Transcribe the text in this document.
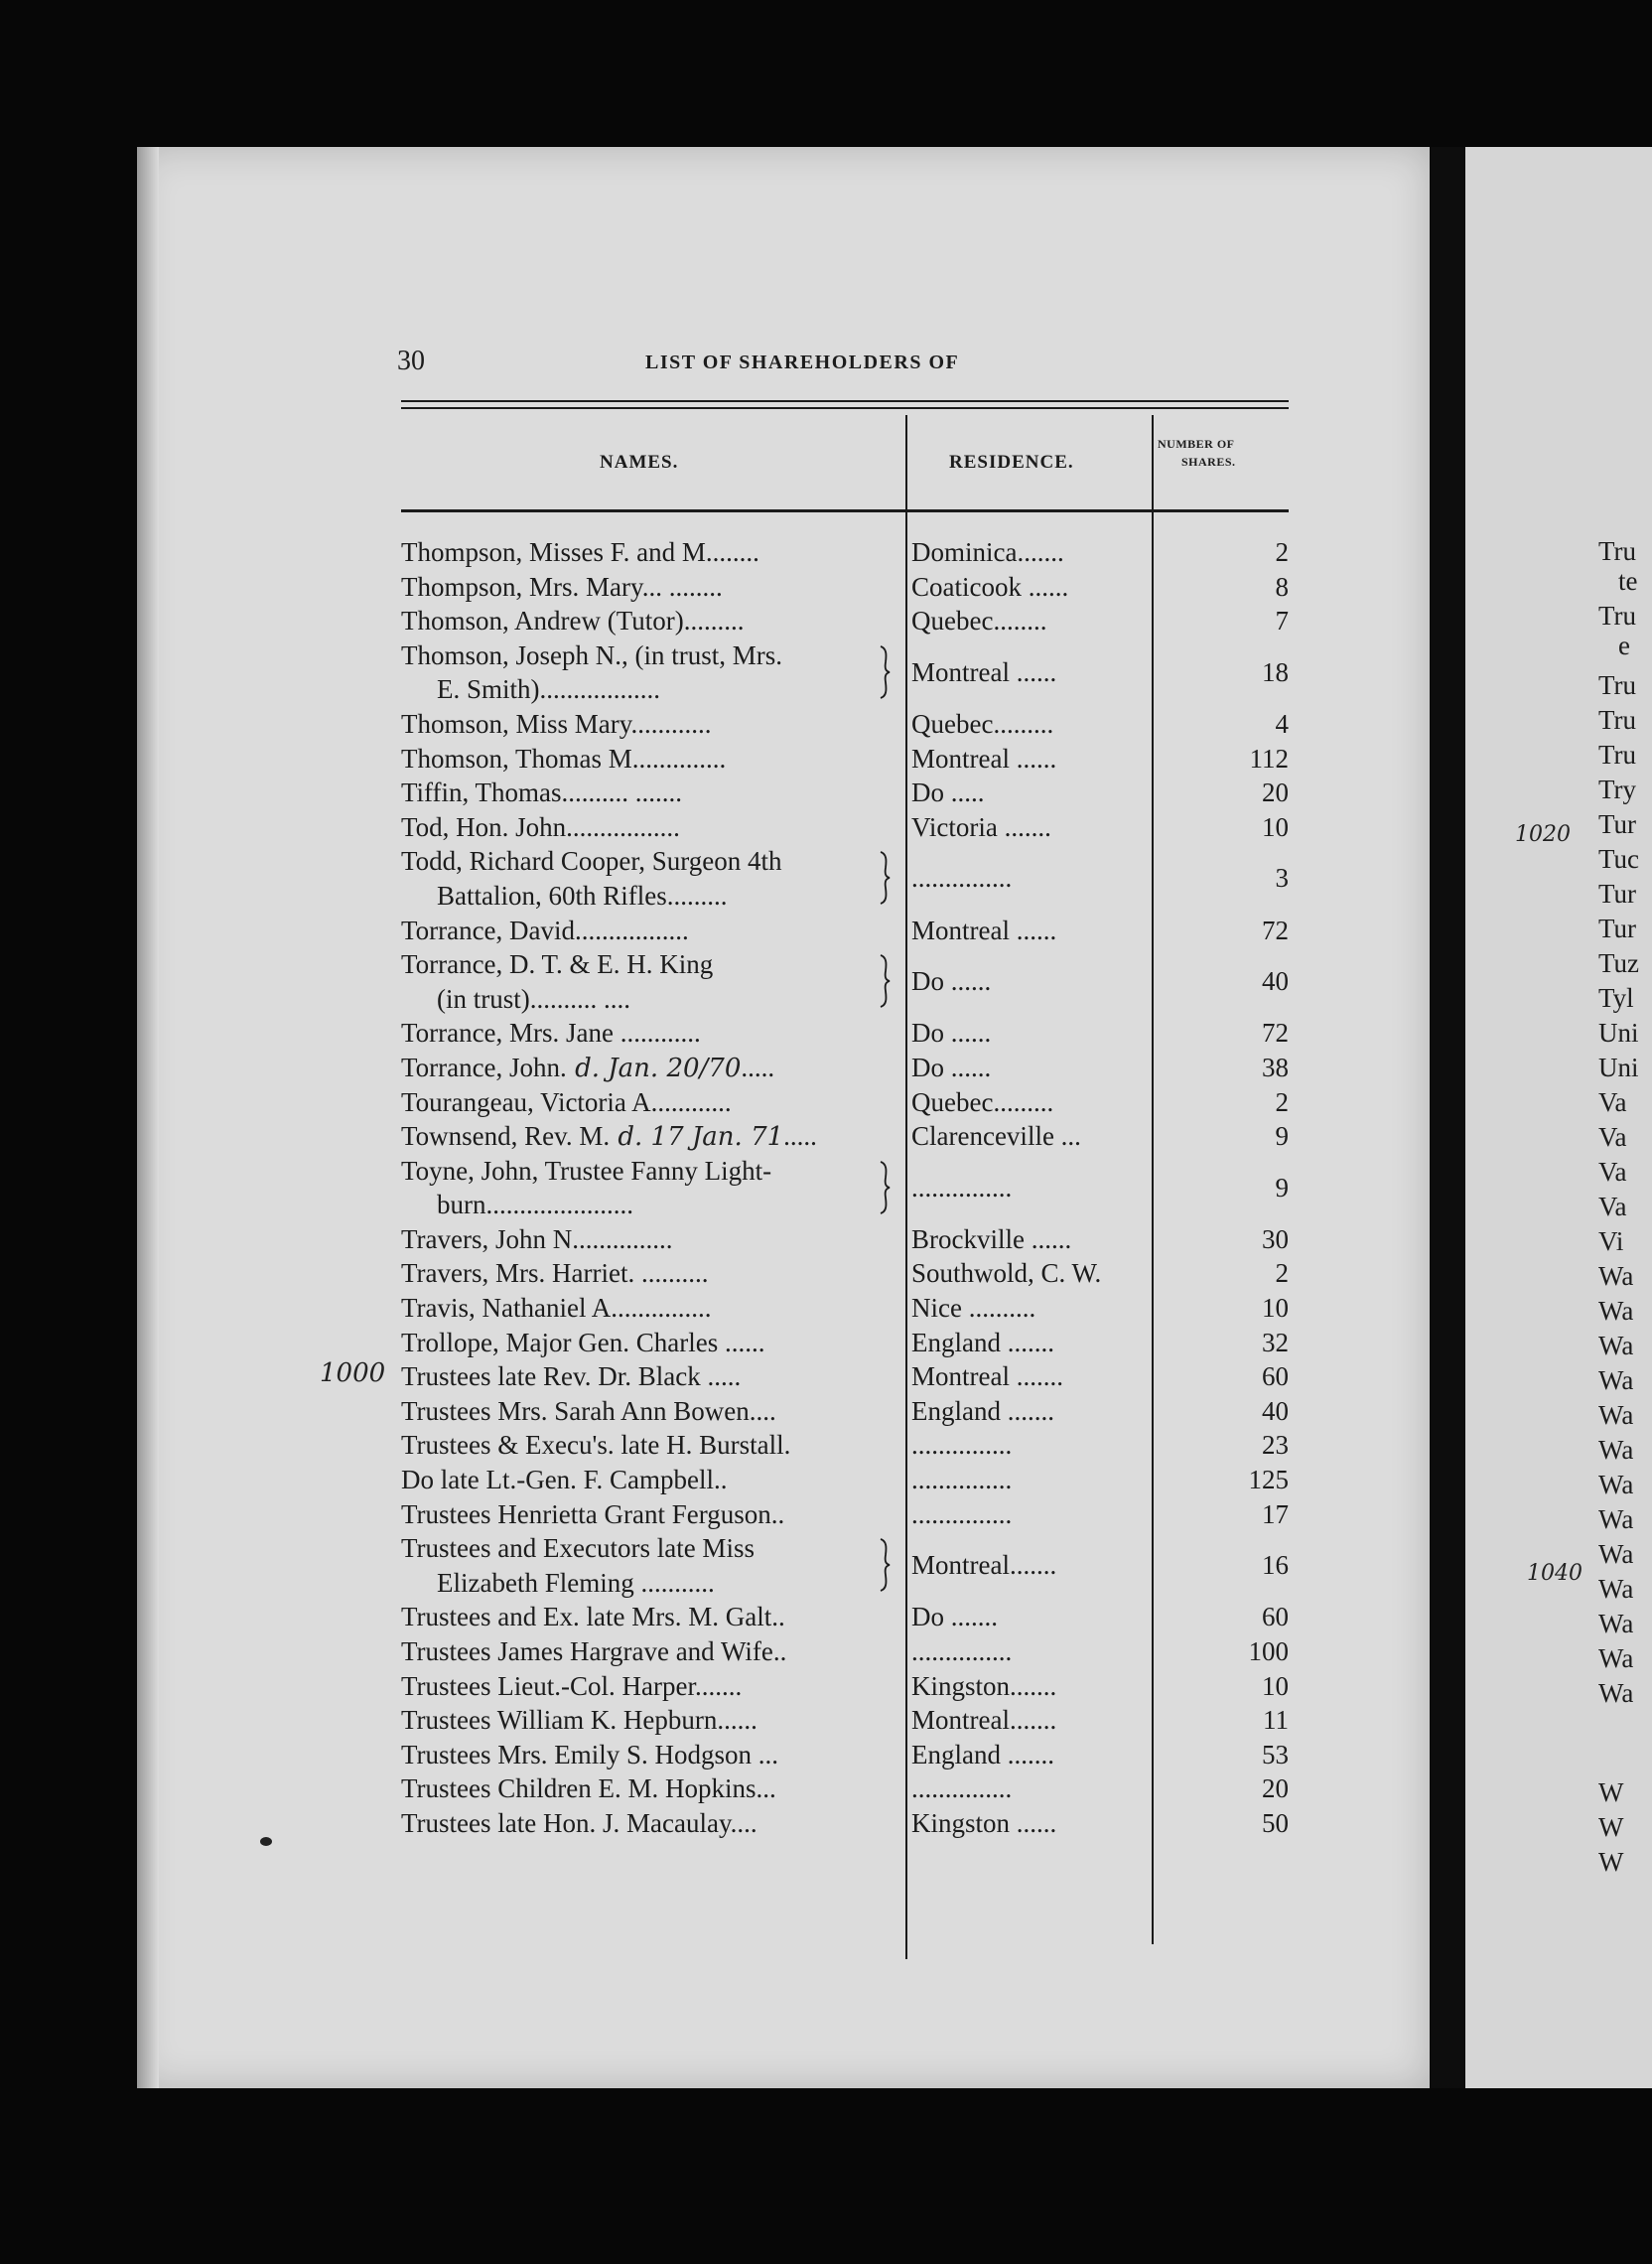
30	LIST OF SHAREHOLDERS OF
NAMES.	RESIDENCE.
NUMBER OF
SHARES.
Thompson, Misses F. and M........	Dominica.......	2
Thompson, Mrs. Mary... ........	Coaticook ......	8
Thomson, Andrew (Tutor).........	Quebec........	7
Thomson, Joseph N., (in trust, Mrs.
E. Smith)..................
Montreal ......	18
Thomson, Miss Mary............	Quebec.........	4
Thomson, Thomas M..............	Montreal ......	112
Tiffin, Thomas.......... .......	Do .....	20
Tod, Hon. John.................	Victoria .......	10
Todd, Richard Cooper, Surgeon 4th
Battalion, 60th Rifles.........
...............	3
Torrance, David.................	Montreal ......	72
Torrance, D. T. & E. H. King
(in trust).......... ....
Do ......	40
Torrance, Mrs. Jane ............	Do ......	72
Torrance, John. d. Jan. 20/70.....	Do ......	38
Tourangeau, Victoria A............	Quebec.........	2
Townsend, Rev. M. d. 17 Jan. 71.....	Clarenceville ...	9
Toyne, John, Trustee Fanny Light-
burn......................
...............	9
Travers, John N...............	Brockville ......	30
Travers, Mrs. Harriet. ..........	Southwold, C. W.	2
Travis, Nathaniel A...............	Nice ..........	10
Trollope, Major Gen. Charles ......	England .......	32
Trustees late Rev. Dr. Black .....	Montreal .......	60
Trustees Mrs. Sarah Ann Bowen....	England .......	40
Trustees & Execu's. late H. Burstall.	...............	23
Do late Lt.-Gen. F. Campbell..	...............	125
Trustees Henrietta Grant Ferguson..	...............	17
Trustees and Executors late Miss
Elizabeth Fleming ...........
Montreal.......	16
Trustees and Ex. late Mrs. M. Galt..	Do .......	60
Trustees James Hargrave and Wife..	...............	100
Trustees Lieut.-Col. Harper.......	Kingston.......	10
Trustees William K. Hepburn......	Montreal.......	11
Trustees Mrs. Emily S. Hodgson ...	England .......	53
Trustees Children E. M. Hopkins...	...............	20
Trustees late Hon. J. Macaulay....	Kingston ......	50
1000
1020
1040
Tru
te
Tru
e
Tru
Tru
Tru
Try
Tur
Tuc
Tur
Tur
Tuz
Tyl
Uni
Uni
Va
Va
Va
Va
Vi
Wa
Wa
Wa
Wa
Wa
Wa
Wa
Wa
Wa
Wa
Wa
Wa
Wa
W
W
W
